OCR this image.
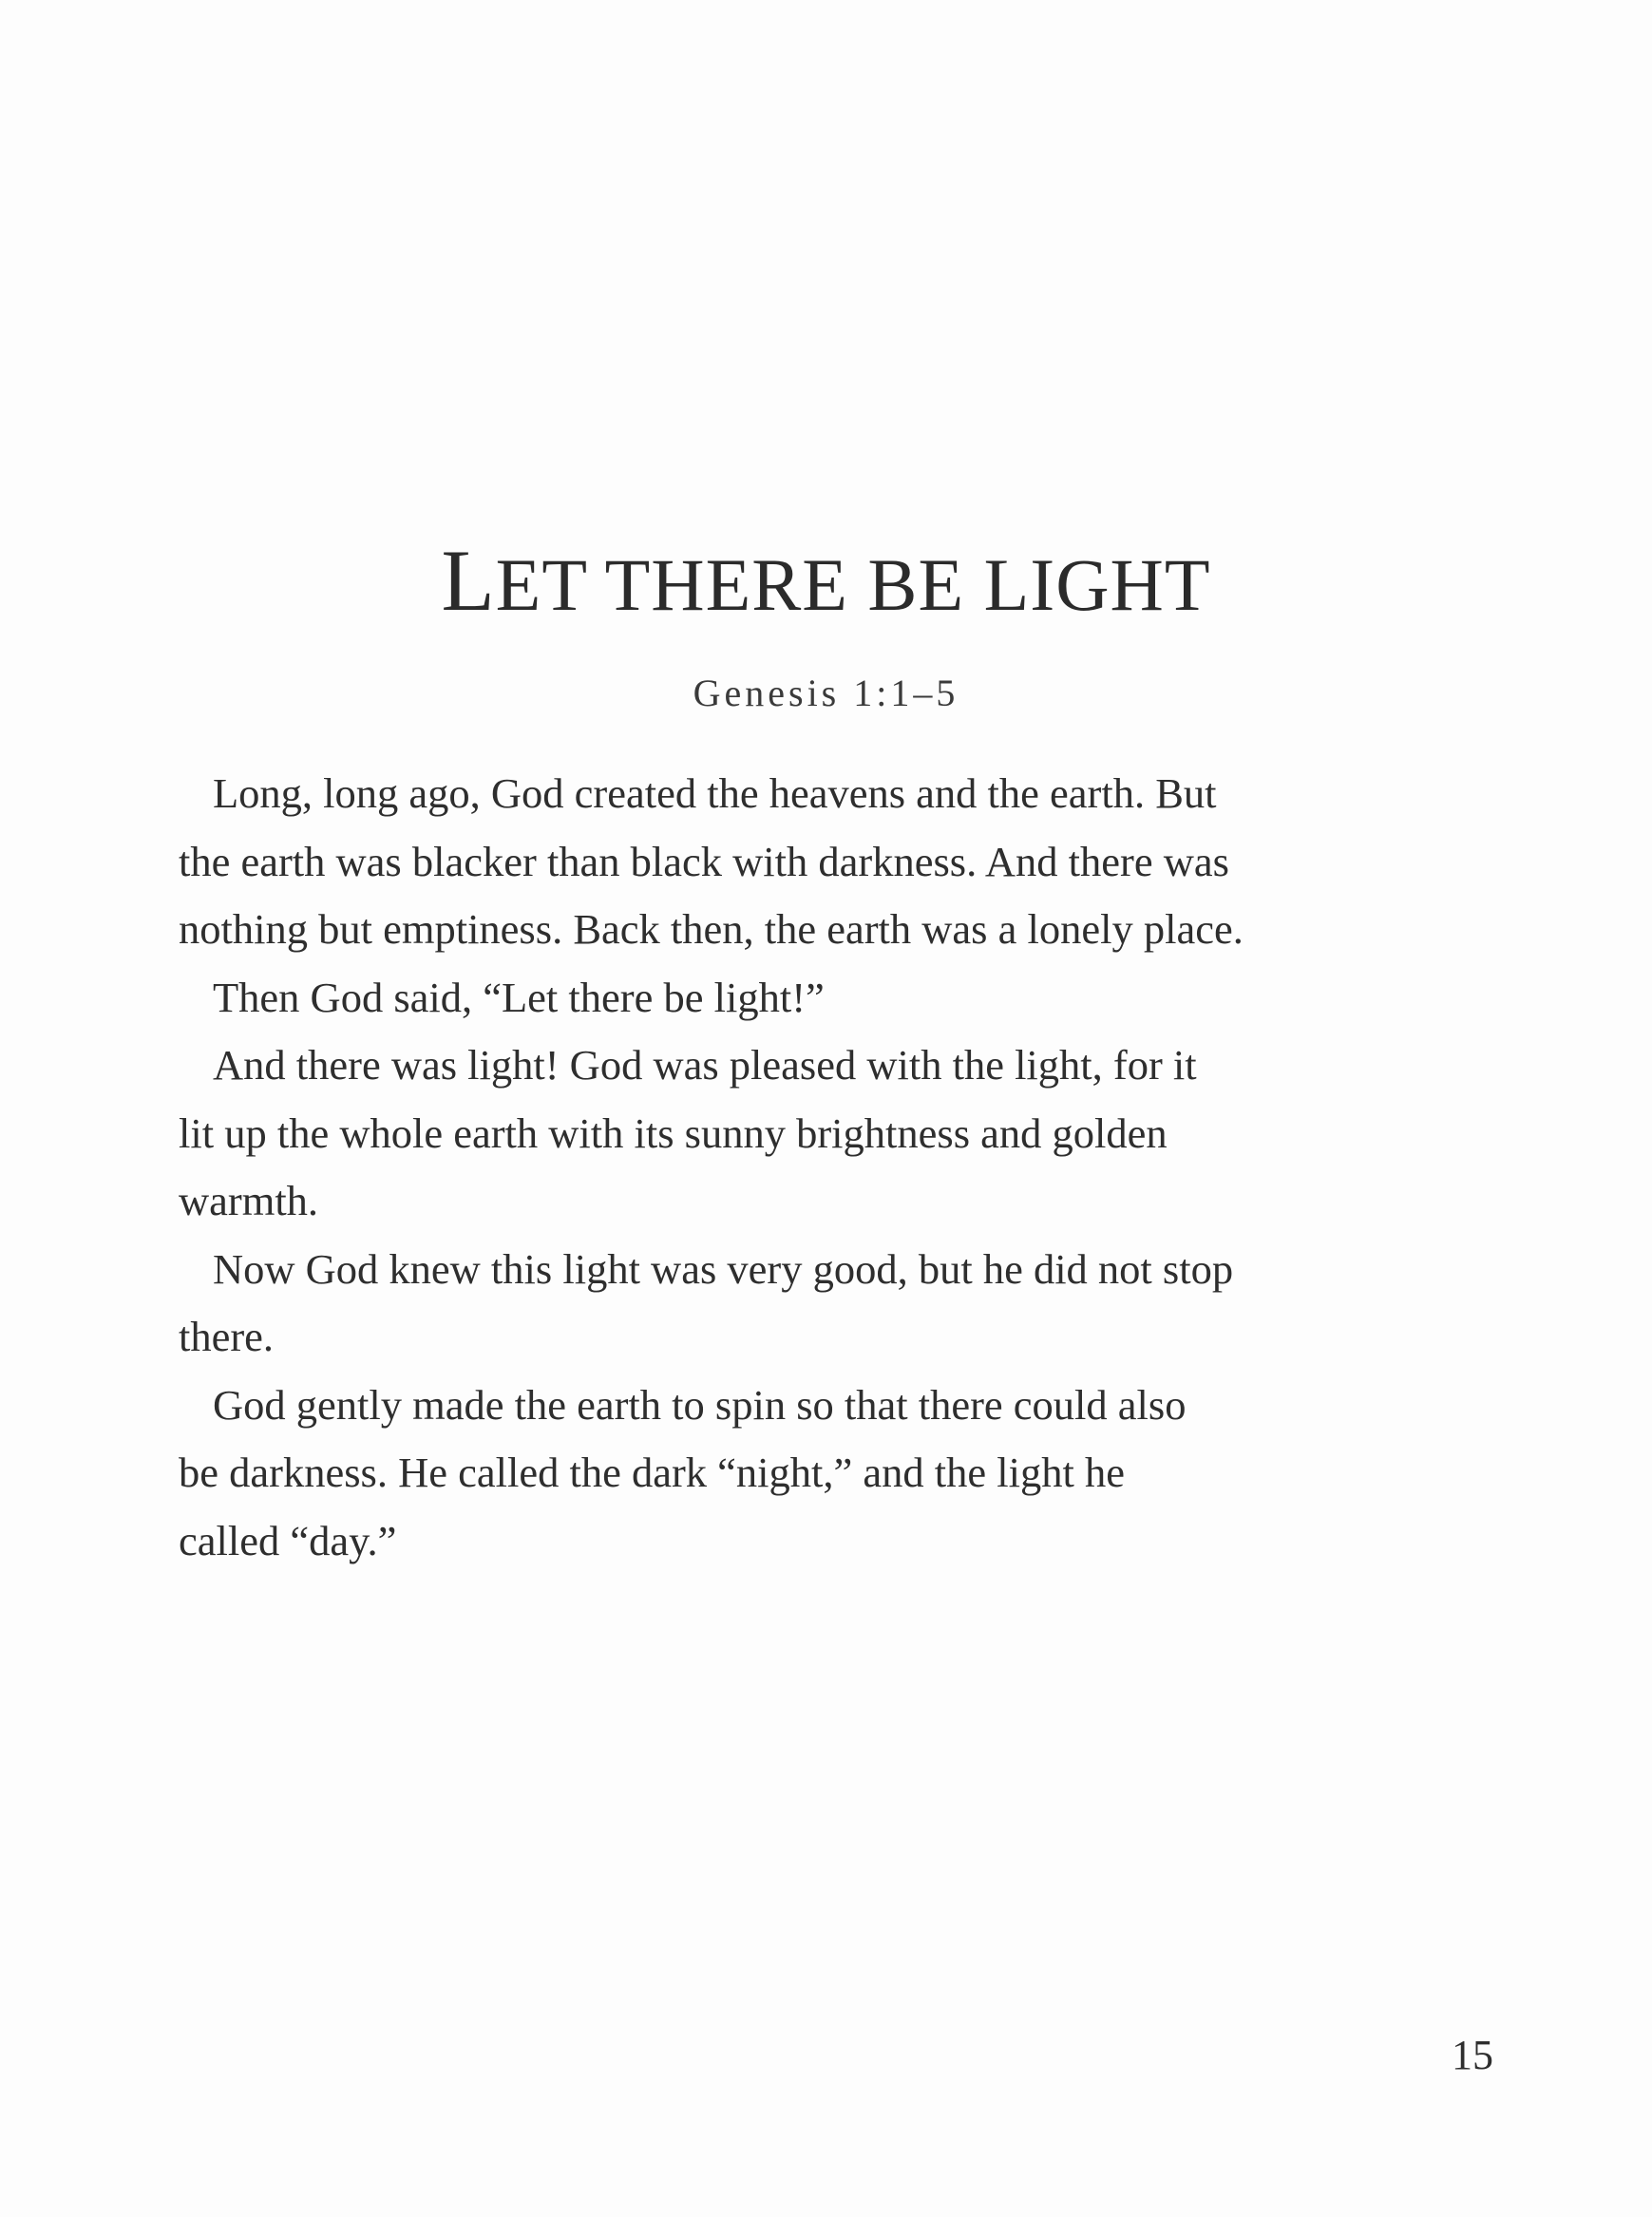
LET THERE BE LIGHT
Genesis 1:1–5
Long, long ago, God created the heavens and the earth. But
the earth was blacker than black with darkness. And there was
nothing but emptiness. Back then, the earth was a lonely place.
Then God said, “Let there be light!”
And there was light! God was pleased with the light, for it
lit up the whole earth with its sunny brightness and golden
warmth.
Now God knew this light was very good, but he did not stop
there.
God gently made the earth to spin so that there could also
be darkness. He called the dark “night,” and the light he
called “day.”
15
